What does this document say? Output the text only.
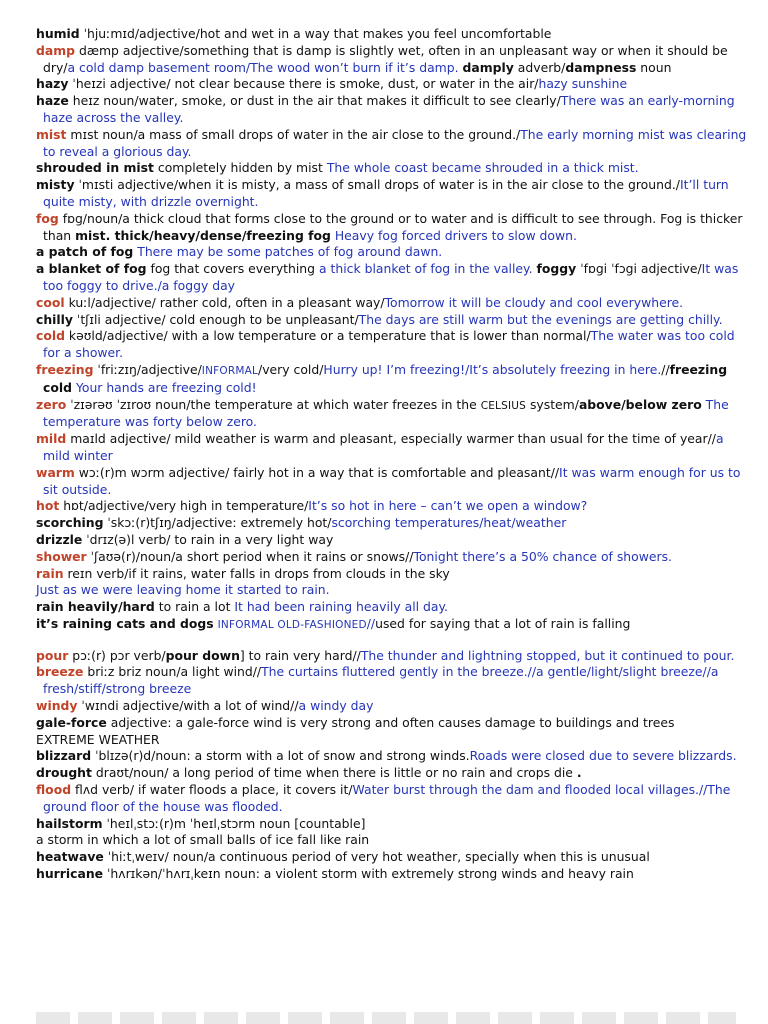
humid ˈhjuːmɪd/adjective/hot and wet in a way that makes you feel uncomfortable
damp dæmp adjective/something that is damp is slightly wet, often in an unpleasant way or when it should be dry/a cold damp basement room/The wood won’t burn if it’s damp. damply adverb/dampness noun
hazy ˈheɪzi adjective/ not clear because there is smoke, dust, or water in the air/hazy sunshine
haze heɪz noun/water, smoke, or dust in the air that makes it difficult to see clearly/There was an early-morning haze across the valley.
mist mɪst noun/a mass of small drops of water in the air close to the ground./The early morning mist was clearing to reveal a glorious day.
shrouded in mist completely hidden by mist The whole coast became shrouded in a thick mist.
misty ˈmɪsti adjective/when it is misty, a mass of small drops of water is in the air close to the ground./It’ll turn quite misty, with drizzle overnight.
fog fɒg/noun/a thick cloud that forms close to the ground or to water and is difficult to see through. Fog is thicker than mist. thick/heavy/dense/freezing fog Heavy fog forced drivers to slow down.
a patch of fog There may be some patches of fog around dawn.
a blanket of fog fog that covers everything a thick blanket of fog in the valley. foggy ˈfɒgi ˈfɔgi adjective/It was too foggy to drive./a foggy day
cool kuːl/adjective/ rather cold, often in a pleasant way/Tomorrow it will be cloudy and cool everywhere.
chilly ˈtʃɪli adjective/ cold enough to be unpleasant/The days are still warm but the evenings are getting chilly.
cold kəʊld/adjective/ with a low temperature or a temperature that is lower than normal/The water was too cold for a shower.
freezing ˈfriːzɪŋ/adjective/INFORMAL/very cold/Hurry up! I’m freezing!/It’s absolutely freezing in here.//freezing cold Your hands are freezing cold!
zero ˈzɪərəʊ ˈzɪroʊ noun/the temperature at which water freezes in the CELSIUS system/above/below zero The temperature was forty below zero.
mild maɪld adjective/ mild weather is warm and pleasant, especially warmer than usual for the time of year//a mild winter
warm wɔː(r)m wɔrm adjective/ fairly hot in a way that is comfortable and pleasant//It was warm enough for us to sit outside.
hot hɒt/adjective/very high in temperature/It’s so hot in here – can’t we open a window?
scorching ˈskɔː(r)tʃɪŋ/adjective: extremely hot/scorching temperatures/heat/weather
drizzle ˈdrɪz(ə)l verb/ to rain in a very light way
shower ˈʃaʊə(r)/noun/a short period when it rains or snows//Tonight there’s a 50% chance of showers.
rain reɪn verb/if it rains, water falls in drops from clouds in the sky
Just as we were leaving home it started to rain.
rain heavily/hard to rain a lot It had been raining heavily all day.
it’s raining cats and dogs INFORMAL OLD-FASHIONED//used for saying that a lot of rain is falling
pour pɔː(r) pɔr verb/pour down] to rain very hard//The thunder and lightning stopped, but it continued to pour.
breeze briːz briz noun/a light wind//The curtains fluttered gently in the breeze.//a gentle/light/slight breeze//a fresh/stiff/strong breeze
windy ˈwɪndi adjective/with a lot of wind//a windy day
gale-force adjective: a gale-force wind is very strong and often causes damage to buildings and trees
EXTREME WEATHER
blizzard ˈblɪzə(r)d/noun: a storm with a lot of snow and strong winds.Roads were closed due to severe blizzards.
drought draʊt/noun/ a long period of time when there is little or no rain and crops die .
flood flʌd verb/ if water floods a place, it covers it/Water burst through the dam and flooded local villages.//The ground floor of the house was flooded.
hailstorm ˈheɪlˌstɔː(r)m ˈheɪlˌstɔrm noun [countable]
a storm in which a lot of small balls of ice fall like rain
heatwave ˈhiːtˌweɪv/ noun/a continuous period of very hot weather, specially when this is unusual
hurricane ˈhʌrɪkən/ˈhʌrɪˌkeɪn noun: a violent storm with extremely strong winds and heavy rain
